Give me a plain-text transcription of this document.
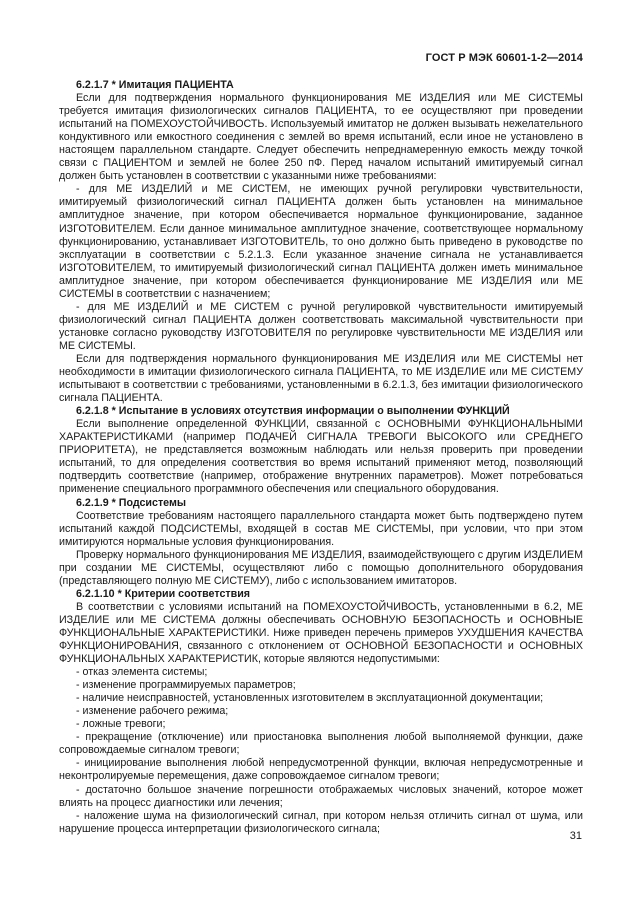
ГОСТ Р МЭК 60601-1-2—2014

6.2.1.7 * Имитация ПАЦИЕНТА

Если для подтверждения нормального функционирования МЕ ИЗДЕЛИЯ или МЕ СИСТЕМЫ требуется имитация физиологических сигналов ПАЦИЕНТА, то ее осуществляют при проведении испытаний на ПОМЕХОУСТОЙЧИВОСТЬ. Используемый имитатор не должен вызывать нежелательного кондуктивного или емкостного соединения с землей во время испытаний, если иное не установлено в настоящем параллельном стандарте. Следует обеспечить непреднамеренную емкость между точкой связи с ПАЦИЕНТОМ и землей не более 250 пФ. Перед началом испытаний имитируемый сигнал должен быть установлен в соответствии с указанными ниже требованиями:

- для МЕ ИЗДЕЛИЙ и МЕ СИСТЕМ, не имеющих ручной регулировки чувствительности, имитируемый физиологический сигнал ПАЦИЕНТА должен быть установлен на минимальное амплитудное значение, при котором обеспечивается нормальное функционирование, заданное ИЗГОТОВИТЕЛЕМ. Если данное минимальное амплитудное значение, соответствующее нормальному функционированию, устанавливает ИЗГОТОВИТЕЛЬ, то оно должно быть приведено в руководстве по эксплуатации в соответствии с 5.2.1.3. Если указанное значение сигнала не устанавливается ИЗГОТОВИТЕЛЕМ, то имитируемый физиологический сигнал ПАЦИЕНТА должен иметь минимальное амплитудное значение, при котором обеспечивается функционирование МЕ ИЗДЕЛИЯ или МЕ СИСТЕМЫ в соответствии с назначением;

- для МЕ ИЗДЕЛИЙ и МЕ СИСТЕМ с ручной регулировкой чувствительности имитируемый физиологический сигнал ПАЦИЕНТА должен соответствовать максимальной чувствительности при установке согласно руководству ИЗГОТОВИТЕЛЯ по регулировке чувствительности МЕ ИЗДЕЛИЯ или МЕ СИСТЕМЫ.

Если для подтверждения нормального функционирования МЕ ИЗДЕЛИЯ или МЕ СИСТЕМЫ нет необходимости в имитации физиологического сигнала ПАЦИЕНТА, то МЕ ИЗДЕЛИЕ или МЕ СИСТЕМУ испытывают в соответствии с требованиями, установленными в 6.2.1.3, без имитации физиологического сигнала ПАЦИЕНТА.

6.2.1.8 * Испытание в условиях отсутствия информации о выполнении ФУНКЦИЙ

Если выполнение определенной ФУНКЦИИ, связанной с ОСНОВНЫМИ ФУНКЦИОНАЛЬНЫМИ ХАРАКТЕРИСТИКАМИ (например ПОДАЧЕЙ СИГНАЛА ТРЕВОГИ ВЫСОКОГО или СРЕДНЕГО ПРИОРИТЕТА), не представляется возможным наблюдать или нельзя проверить при проведении испытаний, то для определения соответствия во время испытаний применяют метод, позволяющий подтвердить соответствие (например, отображение внутренних параметров). Может потребоваться применение специального программного обеспечения или специального оборудования.

6.2.1.9 * Подсистемы

Соответствие требованиям настоящего параллельного стандарта может быть подтверждено путем испытаний каждой ПОДСИСТЕМЫ, входящей в состав МЕ СИСТЕМЫ, при условии, что при этом имитируются нормальные условия функционирования.

Проверку нормального функционирования МЕ ИЗДЕЛИЯ, взаимодействующего с другим ИЗДЕЛИЕМ при создании МЕ СИСТЕМЫ, осуществляют либо с помощью дополнительного оборудования (представляющего полную МЕ СИСТЕМУ), либо с использованием имитаторов.

6.2.1.10 * Критерии соответствия

В соответствии с условиями испытаний на ПОМЕХОУСТОЙЧИВОСТЬ, установленными в 6.2, МЕ ИЗДЕЛИЕ или МЕ СИСТЕМА должны обеспечивать ОСНОВНУЮ БЕЗОПАСНОСТЬ и ОСНОВНЫЕ ФУНКЦИОНАЛЬНЫЕ ХАРАКТЕРИСТИКИ. Ниже приведен перечень примеров УХУДШЕНИЯ КАЧЕСТВА ФУНКЦИОНИРОВАНИЯ, связанного с отклонением от ОСНОВНОЙ БЕЗОПАСНОСТИ и ОСНОВНЫХ ФУНКЦИОНАЛЬНЫХ ХАРАКТЕРИСТИК, которые являются недопустимыми:

- отказ элемента системы;

- изменение программируемых параметров;

- наличие неисправностей, установленных изготовителем в эксплуатационной документации;

- изменение рабочего режима;

- ложные тревоги;

- прекращение (отключение) или приостановка выполнения любой выполняемой функции, даже сопровождаемые сигналом тревоги;

- инициирование выполнения любой непредусмотренной функции, включая непредусмотренные и неконтролируемые перемещения, даже сопровождаемое сигналом тревоги;

- достаточно большое значение погрешности отображаемых числовых значений, которое может влиять на процесс диагностики или лечения;

- наложение шума на физиологический сигнал, при котором нельзя отличить сигнал от шума, или нарушение процесса интерпретации физиологического сигнала;

31
